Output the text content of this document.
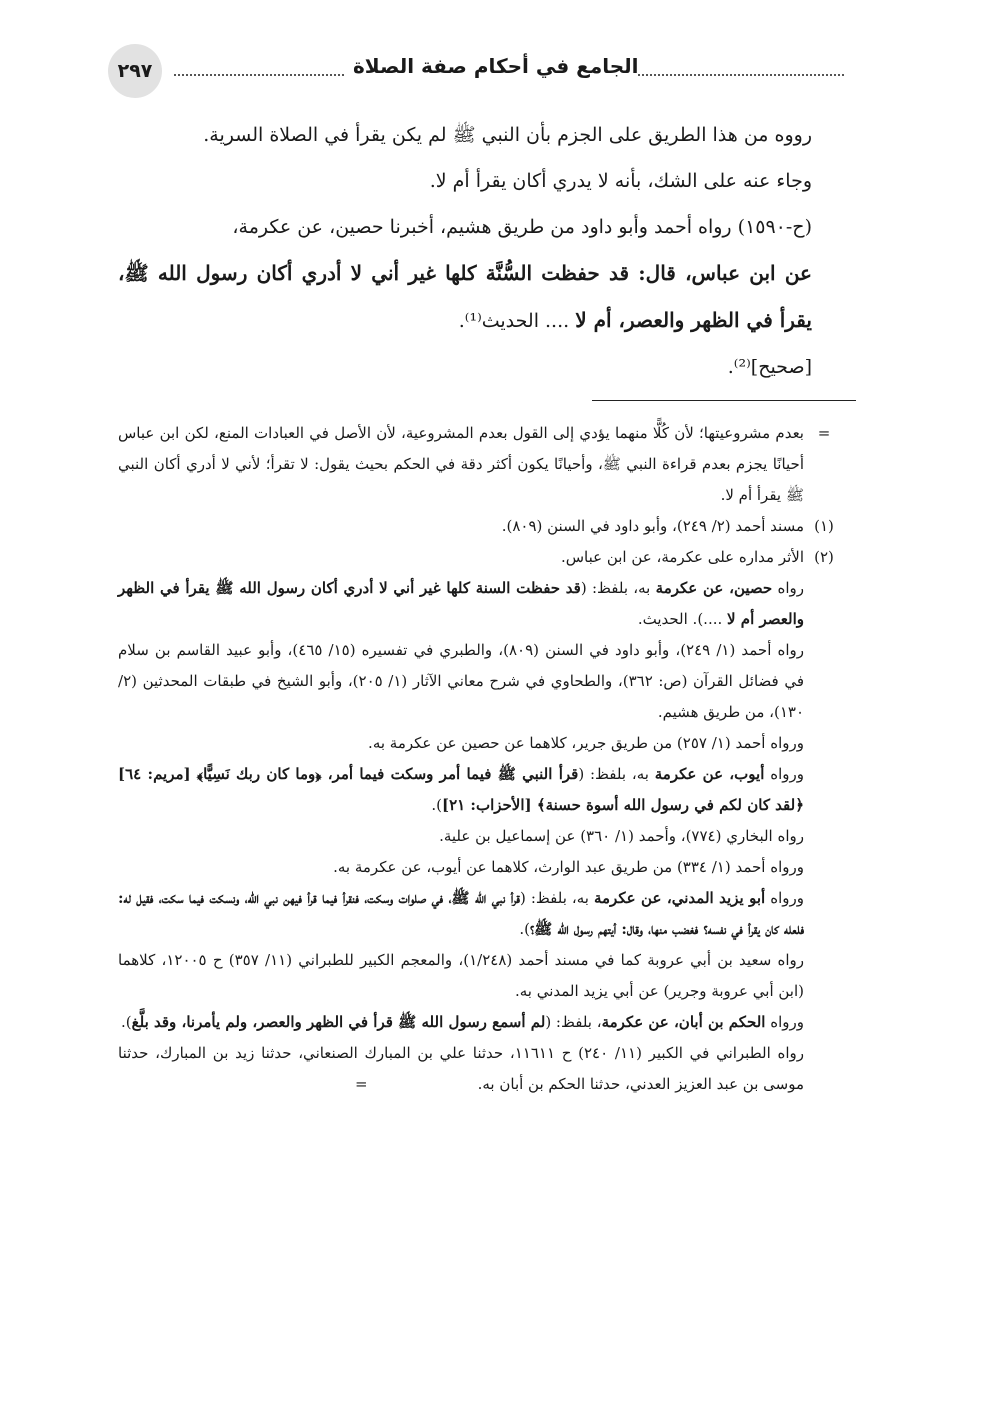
٢٩٧	الجامع في أحكام صفة الصلاة

رووه من هذا الطريق على الجزم بأن النبي ﷺ لم يكن يقرأ في الصلاة السرية.

وجاء عنه على الشك، بأنه لا يدري أكان يقرأ أم لا.

(ح-١٥٩٠) رواه أحمد وأبو داود من طريق هشيم، أخبرنا حصين، عن عكرمة،

عن ابن عباس، قال: قد حفظت السُّنَّة كلها غير أني لا أدري أكان رسول الله ﷺ، يقرأ في الظهر والعصر، أم لا .... الحديث⁽¹⁾.

[صحيح]⁽²⁾.

=
بعدم مشروعيتها؛ لأن كُلًّا منهما يؤدي إلى القول بعدم المشروعية، لأن الأصل في العبادات المنع، لكن ابن عباس أحيانًا يجزم بعدم قراءة النبي ﷺ، وأحيانًا يكون أكثر دقة في الحكم بحيث يقول: لا تقرأ؛ لأني لا أدري أكان النبي ﷺ يقرأ أم لا.
(١)
مسند أحمد (٢/ ٢٤٩)، وأبو داود في السنن (٨٠٩).
(٢)
الأثر مداره على عكرمة، عن ابن عباس.

رواه حصين، عن عكرمة به، بلفظ: (قد حفظت السنة كلها غير أني لا أدري أكان رسول الله ﷺ يقرأ في الظهر والعصر أم لا ....). الحديث.

رواه أحمد (١/ ٢٤٩)، وأبو داود في السنن (٨٠٩)، والطبري في تفسيره (١٥/ ٤٦٥)، وأبو عبيد القاسم بن سلام في فضائل القرآن (ص: ٣٦٢)، والطحاوي في شرح معاني الآثار (١/ ٢٠٥)، وأبو الشيخ في طبقات المحدثين (٢/ ١٣٠)، من طريق هشيم.

ورواه أحمد (١/ ٢٥٧) من طريق جرير، كلاهما عن حصين عن عكرمة به.

ورواه أيوب، عن عكرمة به، بلفظ: (قرأ النبي ﷺ فيما أمر وسكت فيما أمر، ﴿وما كان ربك نَسِيًّا﴾ [مريم: ٦٤] ﴿لقد كان لكم في رسول الله أسوة حسنة﴾ [الأحزاب: ٢١]).

رواه البخاري (٧٧٤)، وأحمد (١/ ٣٦٠) عن إسماعيل بن علية.

ورواه أحمد (١/ ٣٣٤) من طريق عبد الوارث، كلاهما عن أيوب، عن عكرمة به.

ورواه أبو يزيد المدني، عن عكرمة به، بلفظ: (قرأ نبي الله ﷺ، في صلوات وسكت، فنقرأ فيما قرأ فيهن نبي الله، ونسكت فيما سكت، فقيل له: فلعله كان يقرأ في نفسه؟ فغضب منها، وقال: أيتهم رسول الله ﷺ؟).

رواه سعيد بن أبي عروبة كما في مسند أحمد (١/٢٤٨)، والمعجم الكبير للطبراني (١١/ ٣٥٧) ح ١٢٠٠٥، كلاهما (ابن أبي عروبة وجرير) عن أبي يزيد المدني به.

ورواه الحكم بن أبان، عن عكرمة، بلفظ: (لم أسمع رسول الله ﷺ قرأ في الظهر والعصر، ولم يأمرنا، وقد بلَّغ).

رواه الطبراني في الكبير (١١/ ٢٤٠) ح ١١٦١١، حدثنا علي بن المبارك الصنعاني، حدثنا زيد بن المبارك، حدثنا موسى بن عبد العزيز العدني، حدثنا الحكم بن أبان به.=
